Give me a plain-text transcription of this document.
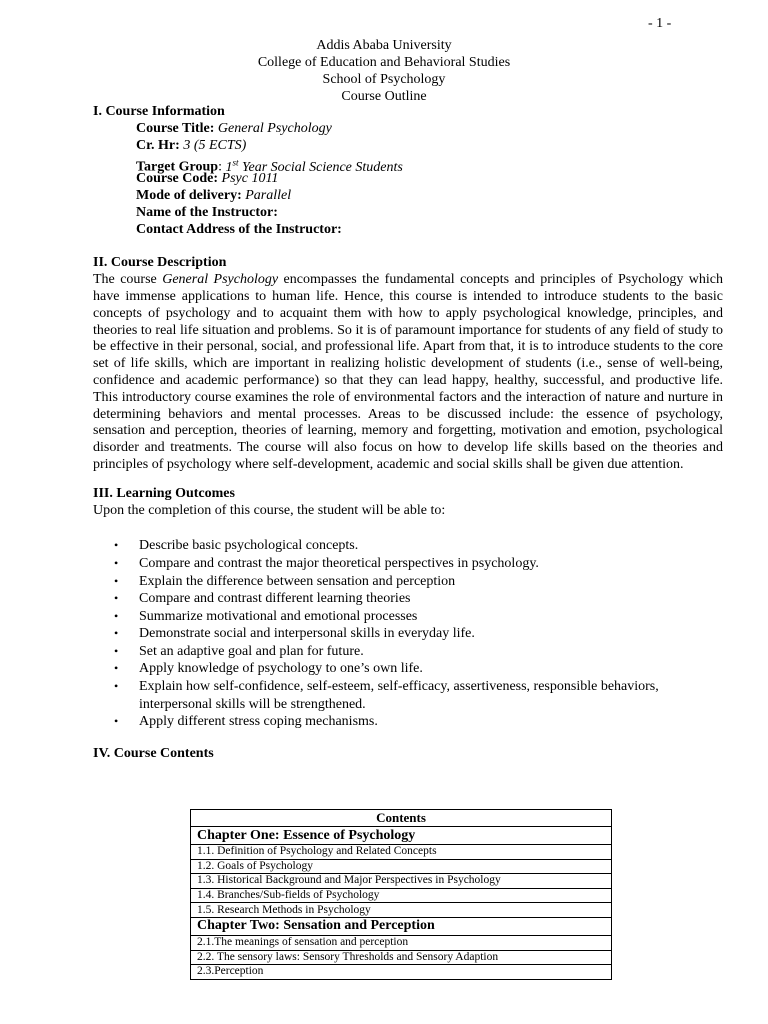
- 1 -
Addis Ababa University
College of Education and Behavioral Studies
School of Psychology
Course Outline
I. Course Information
Course Title: General Psychology
Cr. Hr: 3 (5 ECTS)
Target Group: 1st Year Social Science Students
Course Code: Psyc 1011
Mode of delivery: Parallel
Name of the Instructor:
Contact Address of the Instructor:
II. Course Description

The course General Psychology encompasses the fundamental concepts and principles of Psychology which have immense applications to human life. Hence, this course is intended to introduce students to the basic concepts of psychology and to acquaint them with how to apply psychological knowledge, principles, and theories to real life situation and problems. So it is of paramount importance for students of any field of study to be effective in their personal, social, and professional life. Apart from that, it is to introduce students to the core set of life skills, which are important in realizing holistic development of students (i.e., sense of well-being, confidence and academic performance) so that they can lead happy, healthy, successful, and productive life. This introductory course examines the role of environmental factors and the interaction of nature and nurture in determining behaviors and mental processes. Areas to be discussed include: the essence of psychology, sensation and perception, theories of learning, memory and forgetting, motivation and emotion, psychological disorder and treatments. The course will also focus on how to develop life skills based on the theories and principles of psychology where self-development, academic and social skills shall be given due attention.

III. Learning Outcomes
Upon the completion of this course, the student will be able to:
• Describe basic psychological concepts.
• Compare and contrast the major theoretical perspectives in psychology.
• Explain the difference between sensation and perception
• Compare and contrast different learning theories
• Summarize motivational and emotional processes
• Demonstrate social and interpersonal skills in everyday life.
• Set an adaptive goal and plan for future.
• Apply knowledge of psychology to one’s own life.
• Explain how self-confidence, self-esteem, self-efficacy, assertiveness, responsible behaviors, interpersonal skills will be strengthened.
• Apply different stress coping mechanisms.
IV. Course Contents
Contents
Chapter One: Essence of Psychology
1.1. Definition of Psychology and Related Concepts
1.2. Goals of Psychology
1.3. Historical Background and Major Perspectives in Psychology
1.4. Branches/Sub-fields of Psychology
1.5. Research Methods in Psychology
Chapter Two: Sensation and Perception
2.1.The meanings of sensation and perception
2.2. The sensory laws: Sensory Thresholds and Sensory Adaption
2.3.Perception
